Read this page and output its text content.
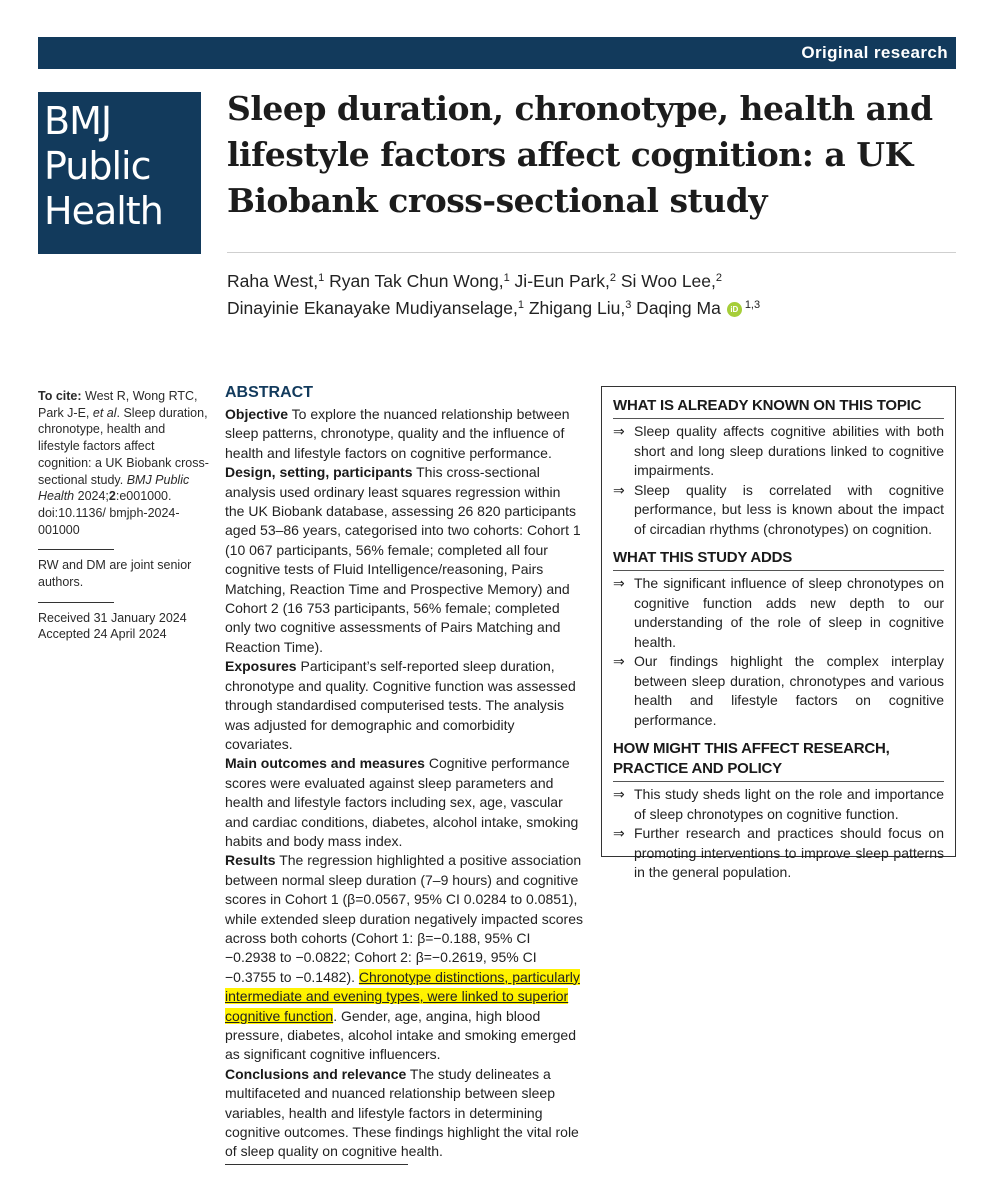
Original research
BMJ
Public
Health
Sleep duration, chronotype, health and lifestyle factors affect cognition: a UK Biobank cross-sectional study
Raha West,$^1$ Ryan Tak Chun Wong,$^1$ Ji-Eun Park,$^2$ Si Woo Lee,$^2$
Dinayinie Ekanayake Mudiyanselage,$^1$ Zhigang Liu,$^3$ Daqing Ma iD $^{1,3}$
To cite: West R, Wong RTC, Park J-E, et al. Sleep duration, chronotype, health and lifestyle factors affect cognition: a UK Biobank cross-sectional study. BMJ Public Health 2024;2:e001000. doi:10.1136/ bmjph-2024-001000
RW and DM are joint senior authors.
Received 31 January 2024
Accepted 24 April 2024
ABSTRACT
Objective To explore the nuanced relationship between sleep patterns, chronotype, quality and the influence of health and lifestyle factors on cognitive performance.
Design, setting, participants This cross-sectional analysis used ordinary least squares regression within the UK Biobank database, assessing 26 820 participants aged 53–86 years, categorised into two cohorts: Cohort 1 (10 067 participants, 56% female; completed all four cognitive tests of Fluid Intelligence/reasoning, Pairs Matching, Reaction Time and Prospective Memory) and Cohort 2 (16 753 participants, 56% female; completed only two cognitive assessments of Pairs Matching and Reaction Time).
Exposures Participant’s self-reported sleep duration, chronotype and quality. Cognitive function was assessed through standardised computerised tests. The analysis was adjusted for demographic and comorbidity covariates.
Main outcomes and measures Cognitive performance scores were evaluated against sleep parameters and health and lifestyle factors including sex, age, vascular and cardiac conditions, diabetes, alcohol intake, smoking habits and body mass index.
Results The regression highlighted a positive association between normal sleep duration (7–9 hours) and cognitive scores in Cohort 1 (β=0.0567, 95% CI 0.0284 to 0.0851), while extended sleep duration negatively impacted scores across both cohorts (Cohort 1: β=−0.188, 95% CI −0.2938 to −0.0822; Cohort 2: β=−0.2619, 95% CI −0.3755 to −0.1482). Chronotype distinctions, particularly intermediate and evening types, were linked to superior cognitive function. Gender, age, angina, high blood pressure, diabetes, alcohol intake and smoking emerged as significant cognitive influencers.
Conclusions and relevance The study delineates a multifaceted and nuanced relationship between sleep variables, health and lifestyle factors in determining cognitive outcomes. These findings highlight the vital role of sleep quality on cognitive health.
WHAT IS ALREADY KNOWN ON THIS TOPIC
⇒ Sleep quality affects cognitive abilities with both short and long sleep durations linked to cognitive impairments.
⇒ Sleep quality is correlated with cognitive performance, but less is known about the impact of circadian rhythms (chronotypes) on cognition.
WHAT THIS STUDY ADDS
⇒ The significant influence of sleep chronotypes on cognitive function adds new depth to our understanding of the role of sleep in cognitive health.
⇒ Our findings highlight the complex interplay between sleep duration, chronotypes and various health and lifestyle factors on cognitive performance.
HOW MIGHT THIS AFFECT RESEARCH, PRACTICE AND POLICY
⇒ This study sheds light on the role and importance of sleep chronotypes on cognitive function.
⇒ Further research and practices should focus on promoting interventions to improve sleep patterns in the general population.
